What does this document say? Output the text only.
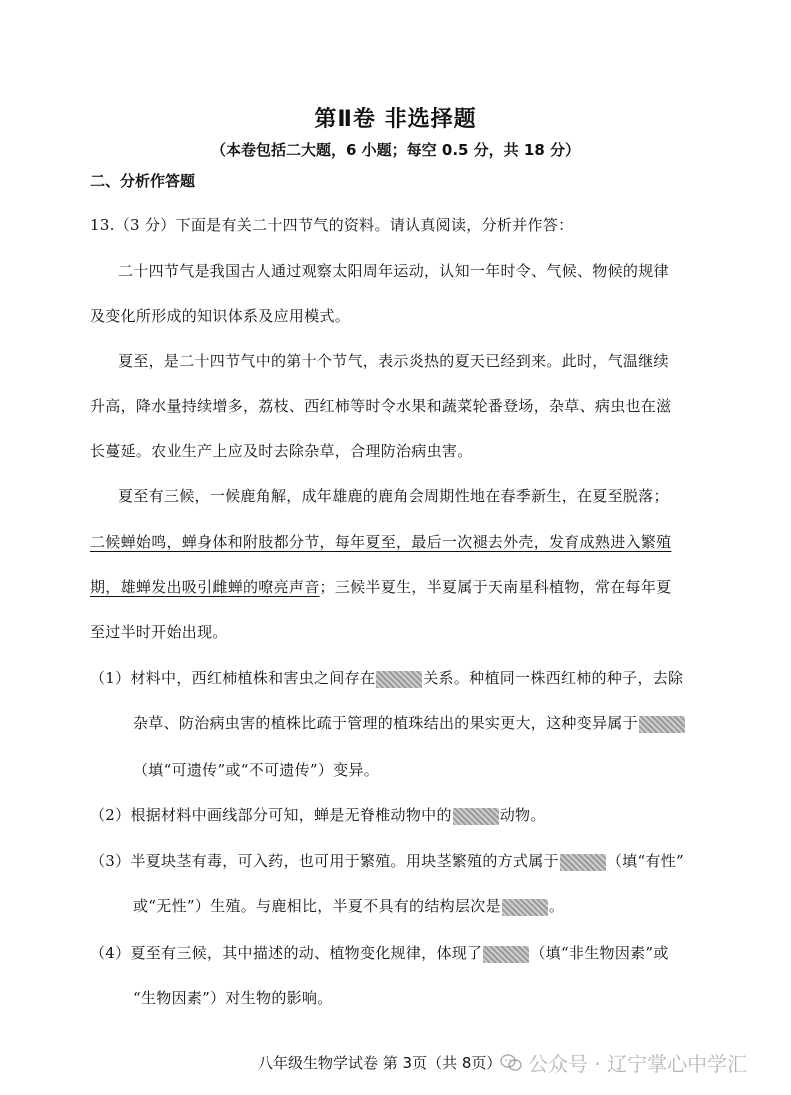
第Ⅱ卷 非选择题
（本卷包括二大题，6 小题；每空 0.5 分，共 18 分）
二、分析作答题
13.（3 分）下面是有关二十四节气的资料。请认真阅读，分析并作答：
二十四节气是我国古人通过观察太阳周年运动，认知一年时令、气候、物候的规律
及变化所形成的知识体系及应用模式。
夏至，是二十四节气中的第十个节气，表示炎热的夏天已经到来。此时，气温继续
升高，降水量持续增多，荔枝、西红柿等时令水果和蔬菜轮番登场，杂草、病虫也在滋
长蔓延。农业生产上应及时去除杂草，合理防治病虫害。
夏至有三候，一候鹿角解，成年雄鹿的鹿角会周期性地在春季新生，在夏至脱落；
二候蝉始鸣，蝉身体和附肢都分节，每年夏至，最后一次褪去外壳，发育成熟进入繁殖
期，雄蝉发出吸引雌蝉的嘹亮声音；三候半夏生，半夏属于天南星科植物，常在每年夏
至过半时开始出现。
（1）材料中，西红柿植株和害虫之间存在	关系。种植同一株西红柿的种子，去除
杂草、防治病虫害的植株比疏于管理的植珠结出的果实更大，这种变异属于
（填“可遗传”或“不可遗传”）变异。
（2）根据材料中画线部分可知，蝉是无脊椎动物中的	动物。
（3）半夏块茎有毒，可入药，也可用于繁殖。用块茎繁殖的方式属于	（填“有性”
或“无性”）生殖。与鹿相比，半夏不具有的结构层次是	。
（4）夏至有三候，其中描述的动、植物变化规律，体现了	（填“非生物因素”或
“生物因素”）对生物的影响。
八年级生物学试卷 第 3页（共 8页） 公众号 · 辽宁掌心中学汇
